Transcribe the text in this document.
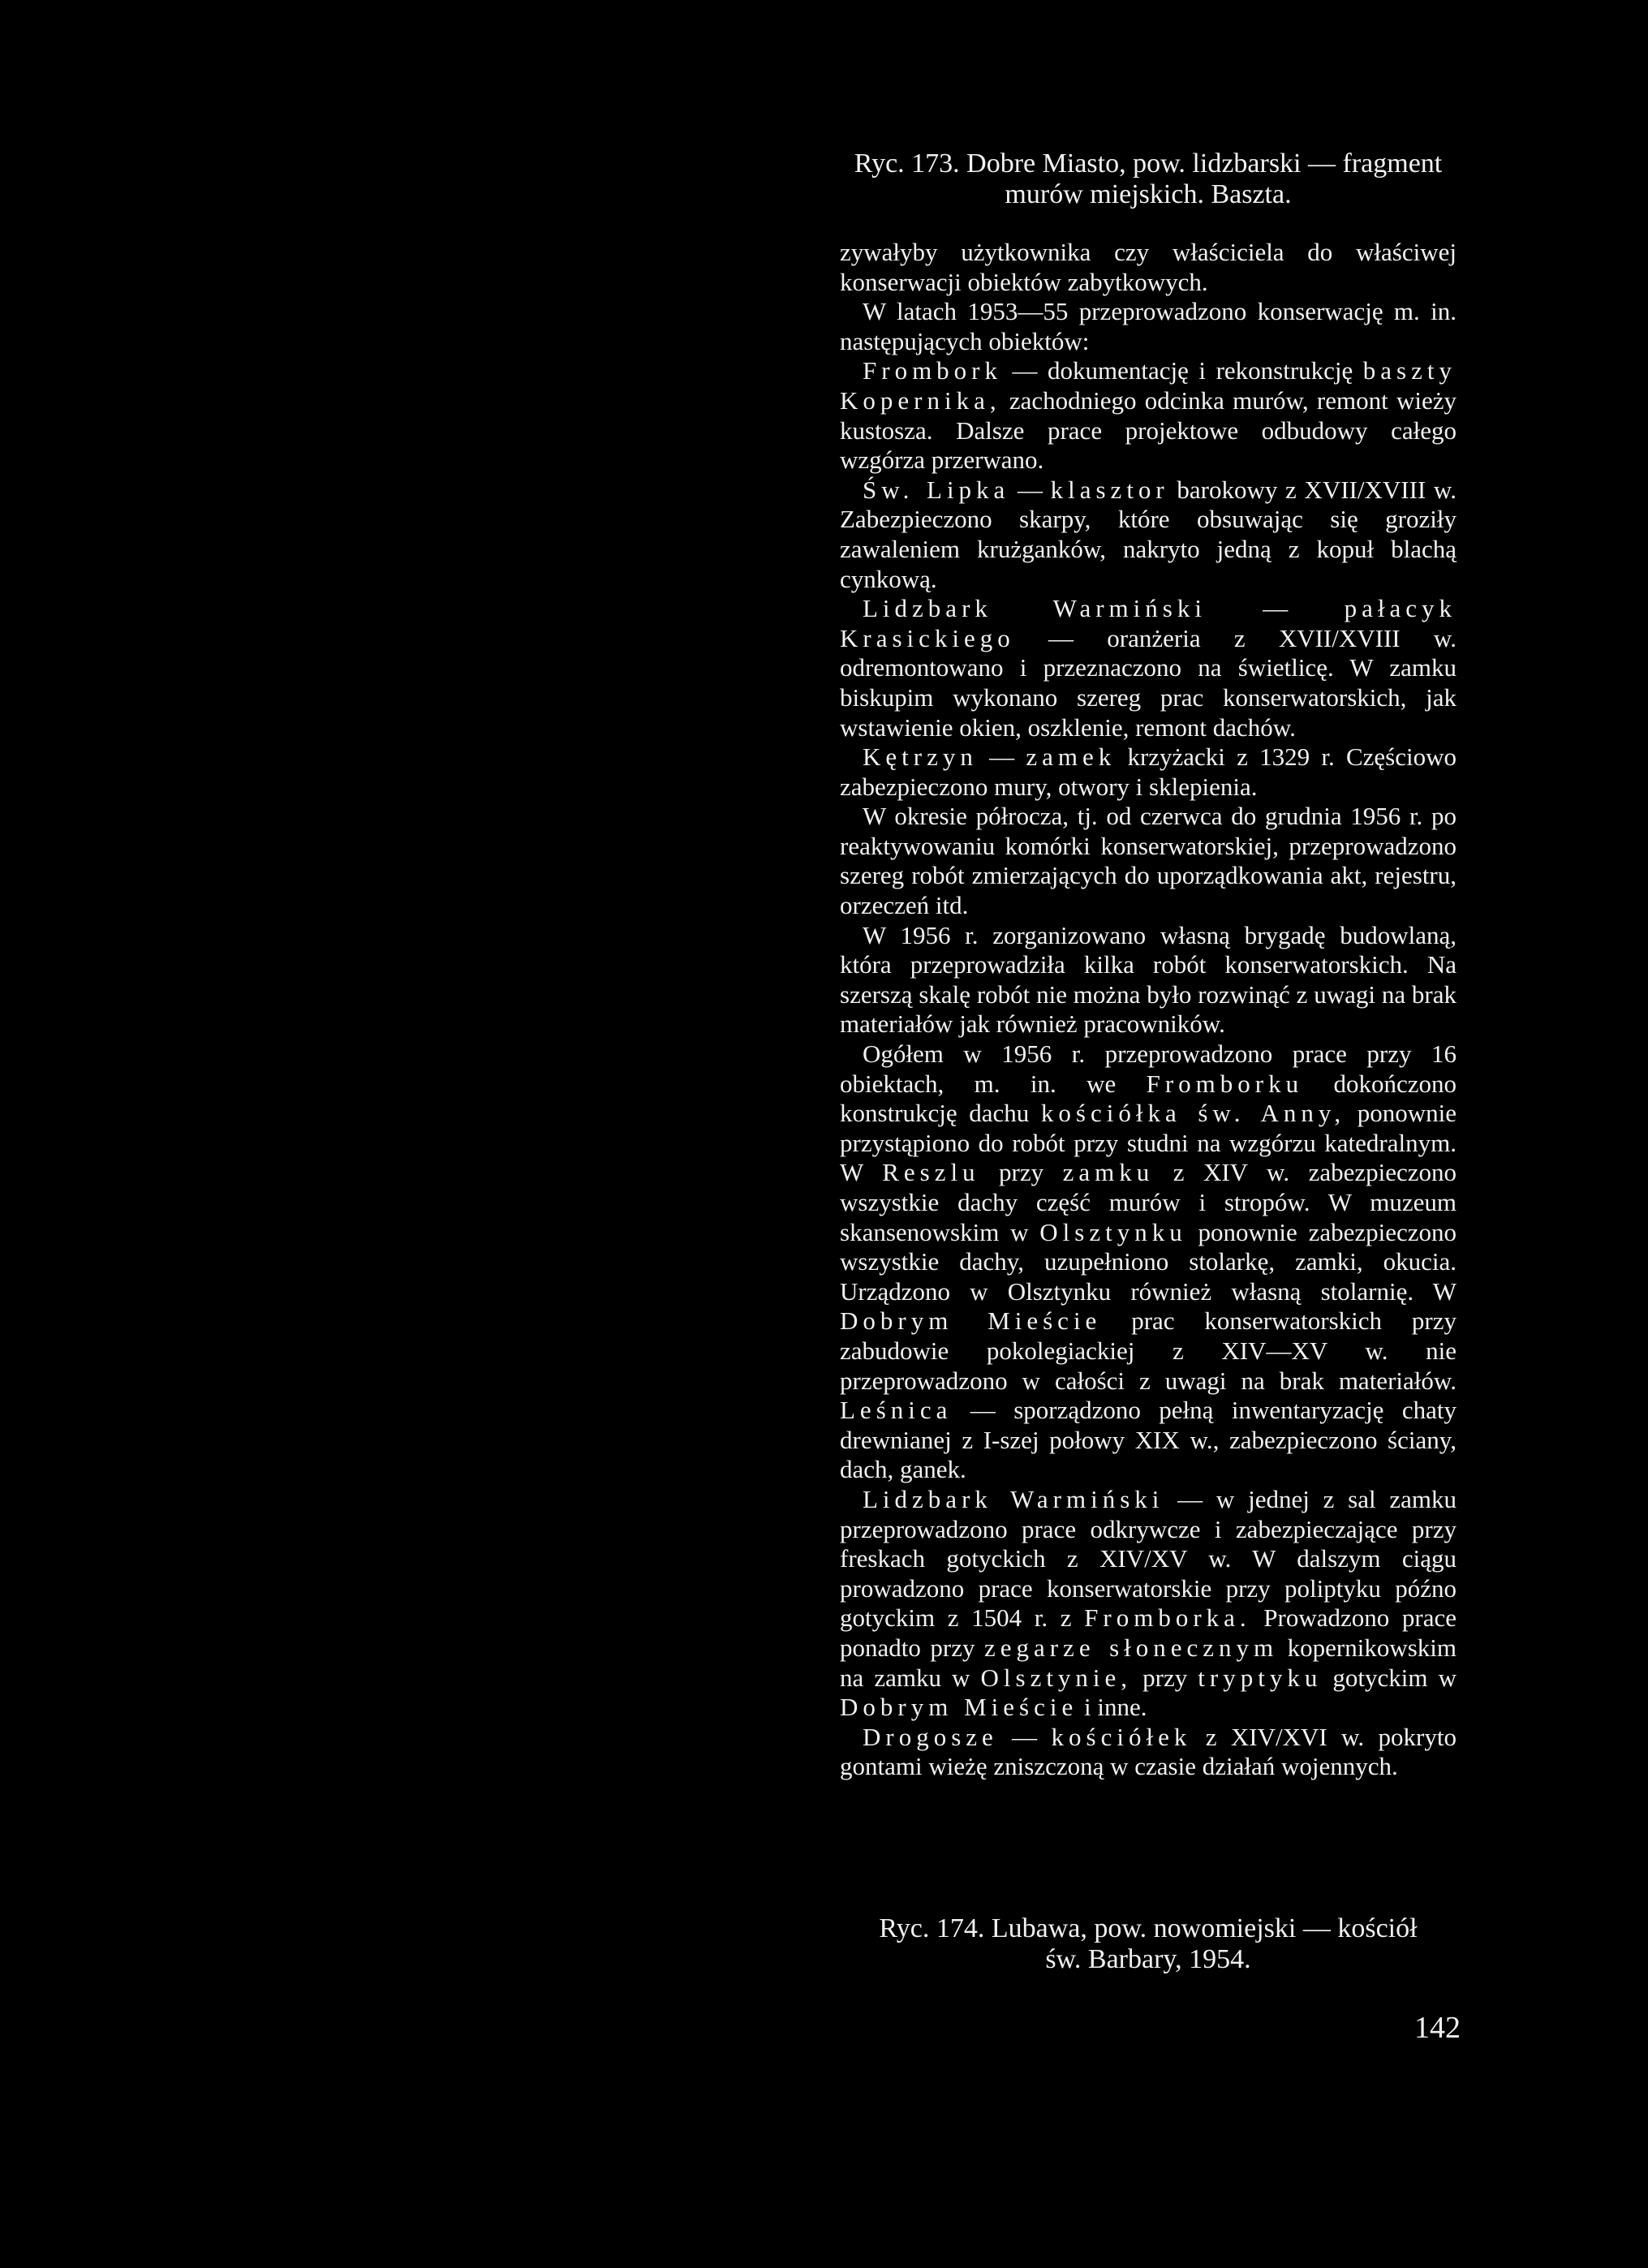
Ryc. 173. Dobre Miasto, pow. lidzbarski — fragment
murów miejskich. Baszta.

zywałyby użytkownika czy właściciela do właściwej konserwacji obiektów zabytkowych.

W latach 1953—55 przeprowadzono konserwację m. in. następujących obiektów:

Frombork — dokumentację i rekonstrukcję baszty Kopernika, zachodniego odcinka murów, remont wieży kustosza. Dalsze prace projektowe odbudowy całego wzgórza przerwano.

Św. Lipka — klasztor barokowy z XVII/XVIII w. Zabezpieczono skarpy, które obsuwając się groziły zawaleniem krużganków, nakryto jedną z kopuł blachą cynkową.

Lidzbark Warmiński — pałacyk Krasickiego — oranżeria z XVII/XVIII w. odremontowano i przeznaczono na świetlicę. W zamku biskupim wykonano szereg prac konserwatorskich, jak wstawienie okien, oszklenie, remont dachów.

Kętrzyn — zamek krzyżacki z 1329 r. Częściowo zabezpieczono mury, otwory i sklepienia.

W okresie półrocza, tj. od czerwca do grudnia 1956 r. po reaktywowaniu komórki konserwatorskiej, przeprowadzono szereg robót zmierzających do uporządkowania akt, rejestru, orzeczeń itd.

W 1956 r. zorganizowano własną brygadę budowlaną, która przeprowadziła kilka robót konserwatorskich. Na szerszą skalę robót nie można było rozwinąć z uwagi na brak materiałów jak również pracowników.

Ogółem w 1956 r. przeprowadzono prace przy 16 obiektach, m. in. we Fromborku dokończono konstrukcję dachu kościółka św. Anny, ponownie przystąpiono do robót przy studni na wzgórzu katedralnym. W Reszlu przy zamku z XIV w. zabezpieczono wszystkie dachy część murów i stropów. W muzeum skansenowskim w Olsztynku ponownie zabezpieczono wszystkie dachy, uzupełniono stolarkę, zamki, okucia. Urządzono w Olsztynku również własną stolarnię. W Dobrym Mieście prac konserwatorskich przy zabudowie pokolegiackiej z XIV—XV w. nie przeprowadzono w całości z uwagi na brak materiałów. Leśnica — sporządzono pełną inwentaryzację chaty drewnianej z I-szej połowy XIX w., zabezpieczono ściany, dach, ganek.

Lidzbark Warmiński — w jednej z sal zamku przeprowadzono prace odkrywcze i zabezpieczające przy freskach gotyckich z XIV/XV w. W dalszym ciągu prowadzono prace konserwatorskie przy poliptyku późno gotyckim z 1504 r. z Fromborka. Prowadzono prace ponadto przy zegarze słonecznym kopernikowskim na zamku w Olsztynie, przy tryptyku gotyckim w Dobrym Mieście i inne.

Drogosze — kościółek z XIV/XVI w. pokryto gontami wieżę zniszczoną w czasie działań wojennych.

Ryc. 174. Lubawa, pow. nowomiejski — kościół
św. Barbary, 1954.
142
